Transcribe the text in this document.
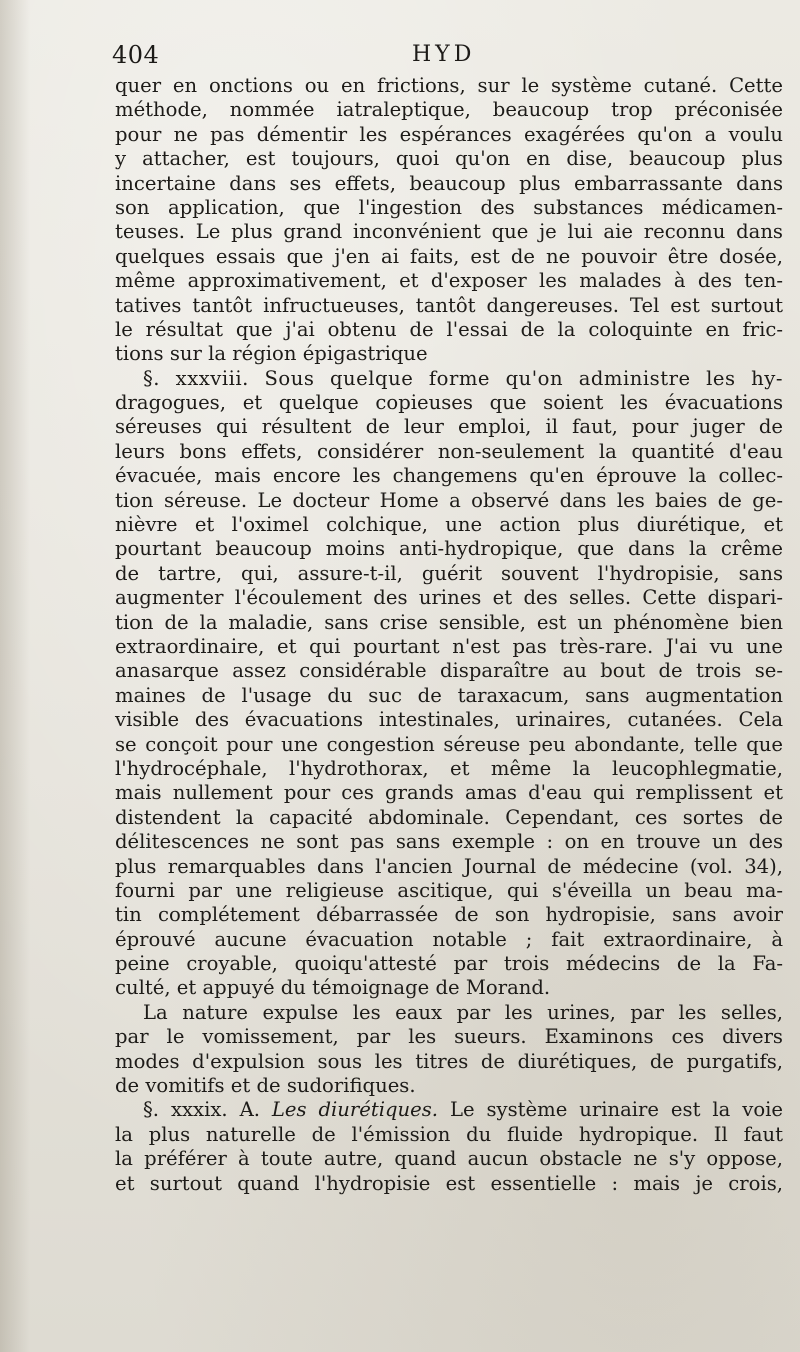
404	HYD
quer en onctions ou en frictions, sur le système cutané. Cette
méthode, nommée iatraleptique, beaucoup trop préconisée
pour ne pas démentir les espérances exagérées qu'on a voulu
y attacher, est toujours, quoi qu'on en dise, beaucoup plus
incertaine dans ses effets, beaucoup plus embarrassante dans
son application, que l'ingestion des substances médicamen-
teuses. Le plus grand inconvénient que je lui aie reconnu dans
quelques essais que j'en ai faits, est de ne pouvoir être dosée,
même approximativement, et d'exposer les malades à des ten-
tatives tantôt infructueuses, tantôt dangereuses. Tel est surtout
le résultat que j'ai obtenu de l'essai de la coloquinte en fric-
tions sur la région épigastrique
§. xxxviii. Sous quelque forme qu'on administre les hy-
dragogues, et quelque copieuses que soient les évacuations
séreuses qui résultent de leur emploi, il faut, pour juger de
leurs bons effets, considérer non-seulement la quantité d'eau
évacuée, mais encore les changemens qu'en éprouve la collec-
tion séreuse. Le docteur Home a observé dans les baies de ge-
nièvre et l'oximel colchique, une action plus diurétique, et
pourtant beaucoup moins anti-hydropique, que dans la crême
de tartre, qui, assure-t-il, guérit souvent l'hydropisie, sans
augmenter l'écoulement des urines et des selles. Cette dispari-
tion de la maladie, sans crise sensible, est un phénomène bien
extraordinaire, et qui pourtant n'est pas très-rare. J'ai vu une
anasarque assez considérable disparaître au bout de trois se-
maines de l'usage du suc de taraxacum, sans augmentation
visible des évacuations intestinales, urinaires, cutanées. Cela
se conçoit pour une congestion séreuse peu abondante, telle que
l'hydrocéphale, l'hydrothorax, et même la leucophlegmatie,
mais nullement pour ces grands amas d'eau qui remplissent et
distendent la capacité abdominale. Cependant, ces sortes de
délitescences ne sont pas sans exemple : on en trouve un des
plus remarquables dans l'ancien Journal de médecine (vol. 34),
fourni par une religieuse ascitique, qui s'éveilla un beau ma-
tin complétement débarrassée de son hydropisie, sans avoir
éprouvé aucune évacuation notable ; fait extraordinaire, à
peine croyable, quoiqu'attesté par trois médecins de la Fa-
culté, et appuyé du témoignage de Morand.
La nature expulse les eaux par les urines, par les selles,
par le vomissement, par les sueurs. Examinons ces divers
modes d'expulsion sous les titres de diurétiques, de purgatifs,
de vomitifs et de sudorifiques.
§. xxxix. A. Les diurétiques. Le système urinaire est la voie
la plus naturelle de l'émission du fluide hydropique. Il faut
la préférer à toute autre, quand aucun obstacle ne s'y oppose,
et surtout quand l'hydropisie est essentielle : mais je crois,
